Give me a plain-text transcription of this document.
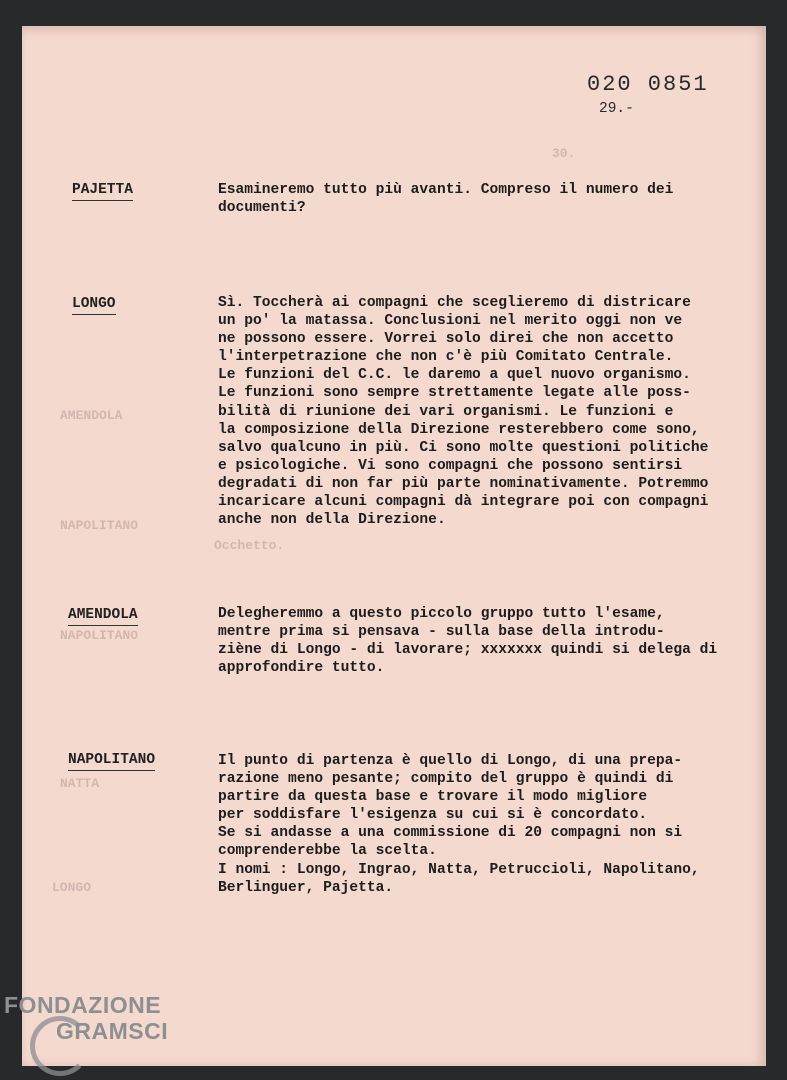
30.
AMENDOLA
NAPOLITANO
Occhetto.
NAPOLITANO
NATTA
LONGO
020 0851
29.-
PAJETTA	Esamineremo tutto più avanti. Compreso il numero dei
documenti?
LONGO	Sì. Toccherà ai compagni che sceglieremo di districare
un po' la matassa. Conclusioni nel merito oggi non ve
ne possono essere. Vorrei solo direi che non accetto
l'interpetrazione che non c'è più Comitato Centrale.
Le funzioni del C.C. le daremo a quel nuovo organismo.
Le funzioni sono sempre strettamente legate alle poss-
bilità di riunione dei vari organismi. Le funzioni e
la composizione della Direzione resterebbero come sono,
salvo qualcuno in più. Ci sono molte questioni politiche
e psicologiche. Vi sono compagni che possono sentirsi
degradati di non far più parte nominativamente. Potremmo
incaricare alcuni compagni dà integrare poi con compagni
anche non della Direzione.
AMENDOLA	Delegheremmo a questo piccolo gruppo tutto l'esame,
mentre prima si pensava - sulla base della introdu-
ziène di Longo - di lavorare; xxxxxxx quindi si delega di
approfondire tutto.
NAPOLITANO	Il punto di partenza è quello di Longo, di una prepa-
razione meno pesante; compito del gruppo è quindi di
partire da questa base e trovare il modo migliore
per soddisfare l'esigenza su cui si è concordato.
Se si andasse a una commissione di 20 compagni non si
comprenderebbe la scelta.
I nomi : Longo, Ingrao, Natta, Petruccioli, Napolitano,
Berlinguer, Pajetta.
FONDAZIONE
GRAMSCI
